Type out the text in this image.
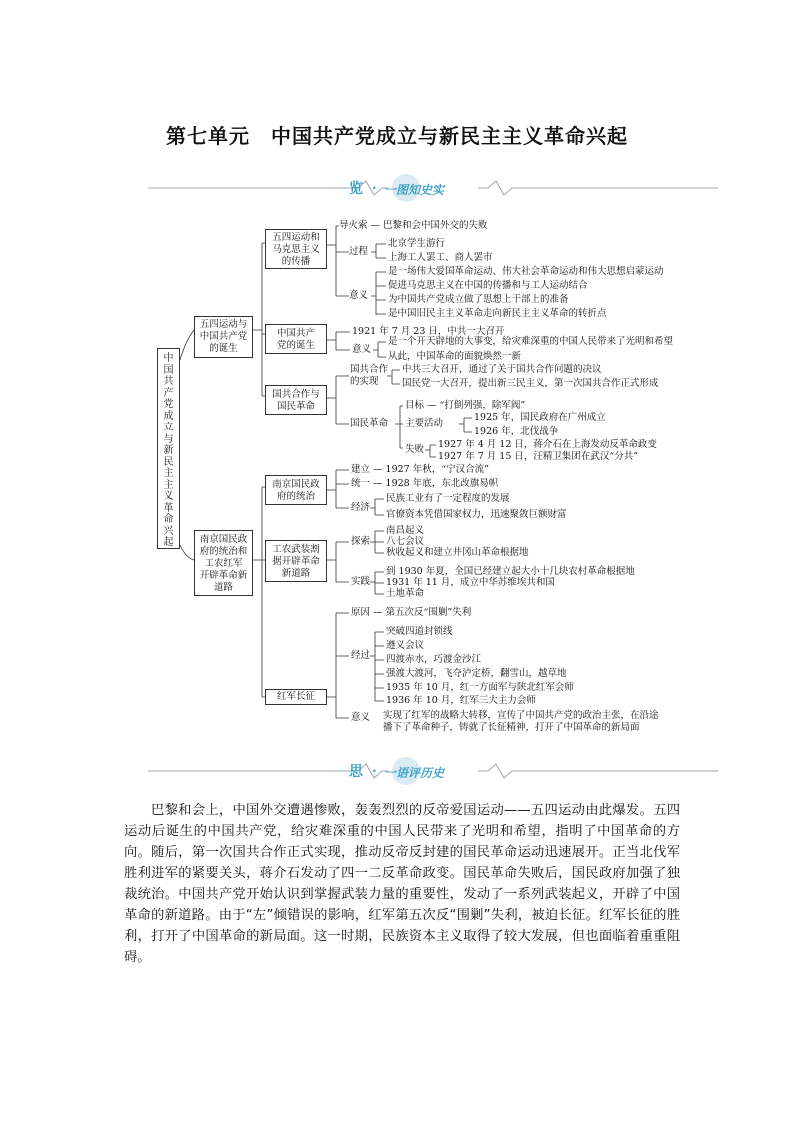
第七单元　中国共产党成立与新民主主义革命兴起
览 · 一图知史实
中
国
共
产
党
成
立
与
新
民
主
主
义
革
命
兴
起
五四运动与
中国共产党
的诞生
南京国民政
府的统治和
工农红军
开辟革命新
道路
五四运动和
马克思主义
的传播
中国共产
党的诞生
国共合作与
国民革命
南京国民政
府的统治
工农武装割
据开辟革命
新道路
红军长征
导火索 — 巴黎和会中国外交的失败
过程
北京学生游行
上海工人罢工、商人罢市
意义
是一场伟大爱国革命运动、伟大社会革命运动和伟大思想启蒙运动
促进马克思主义在中国的传播和与工人运动结合
为中国共产党成立做了思想上干部上的准备
是中国旧民主主义革命走向新民主主义革命的转折点
1921 年 7 月 23 日，中共一大召开
意义
是一个开天辟地的大事变，给灾难深重的中国人民带来了光明和希望
从此，中国革命的面貌焕然一新
国共合作
的实现
中共三大召开，通过了关于国共合作问题的决议
国民党一大召开，提出新三民主义，第一次国共合作正式形成
国民革命
目标 — “打倒列强，除军阀”
主要活动
1925 年，国民政府在广州成立
1926 年，北伐战争
失败 1927 年 4 月 12 日，蒋介石在上海发动反革命政变
1927 年 7 月 15 日，汪精卫集团在武汉“分共”
建立 — 1927 年秋，“宁汉合流”
统一 — 1928 年底，东北改旗易帜
经济
民族工业有了一定程度的发展
官僚资本凭借国家权力，迅速聚敛巨额财富
探索
南昌起义
八七会议
秋收起义和建立井冈山革命根据地
实践
到 1930 年夏，全国已经建立起大小十几块农村革命根据地
1931 年 11 月，成立中华苏维埃共和国
土地革命
原因 — 第五次反“围剿”失利
经过
突破四道封锁线
遵义会议
四渡赤水，巧渡金沙江
强渡大渡河，飞夺泸定桥，翻雪山，越草地
1935 年 10 月，红一方面军与陕北红军会师
1936 年 10 月，红军三大主力会师
意义 实现了红军的战略大转移，宣传了中国共产党的政治主张，在沿途
播下了革命种子，铸就了长征精神，打开了中国革命的新局面
思 · 一语评历史
巴黎和会上，中国外交遭遇惨败，轰轰烈烈的反帝爱国运动——五四运动由此爆发。五四运动后诞生的中国共产党，给灾难深重的中国人民带来了光明和希望，指明了中国革命的方向。随后，第一次国共合作正式实现，推动反帝反封建的国民革命运动迅速展开。正当北伐军胜利进军的紧要关头，蒋介石发动了四一二反革命政变。国民革命失败后，国民政府加强了独裁统治。中国共产党开始认识到掌握武装力量的重要性，发动了一系列武装起义，开辟了中国革命的新道路。由于“左”倾错误的影响，红军第五次反“围剿”失利，被迫长征。红军长征的胜利，打开了中国革命的新局面。这一时期，民族资本主义取得了较大发展，但也面临着重重阻碍。
